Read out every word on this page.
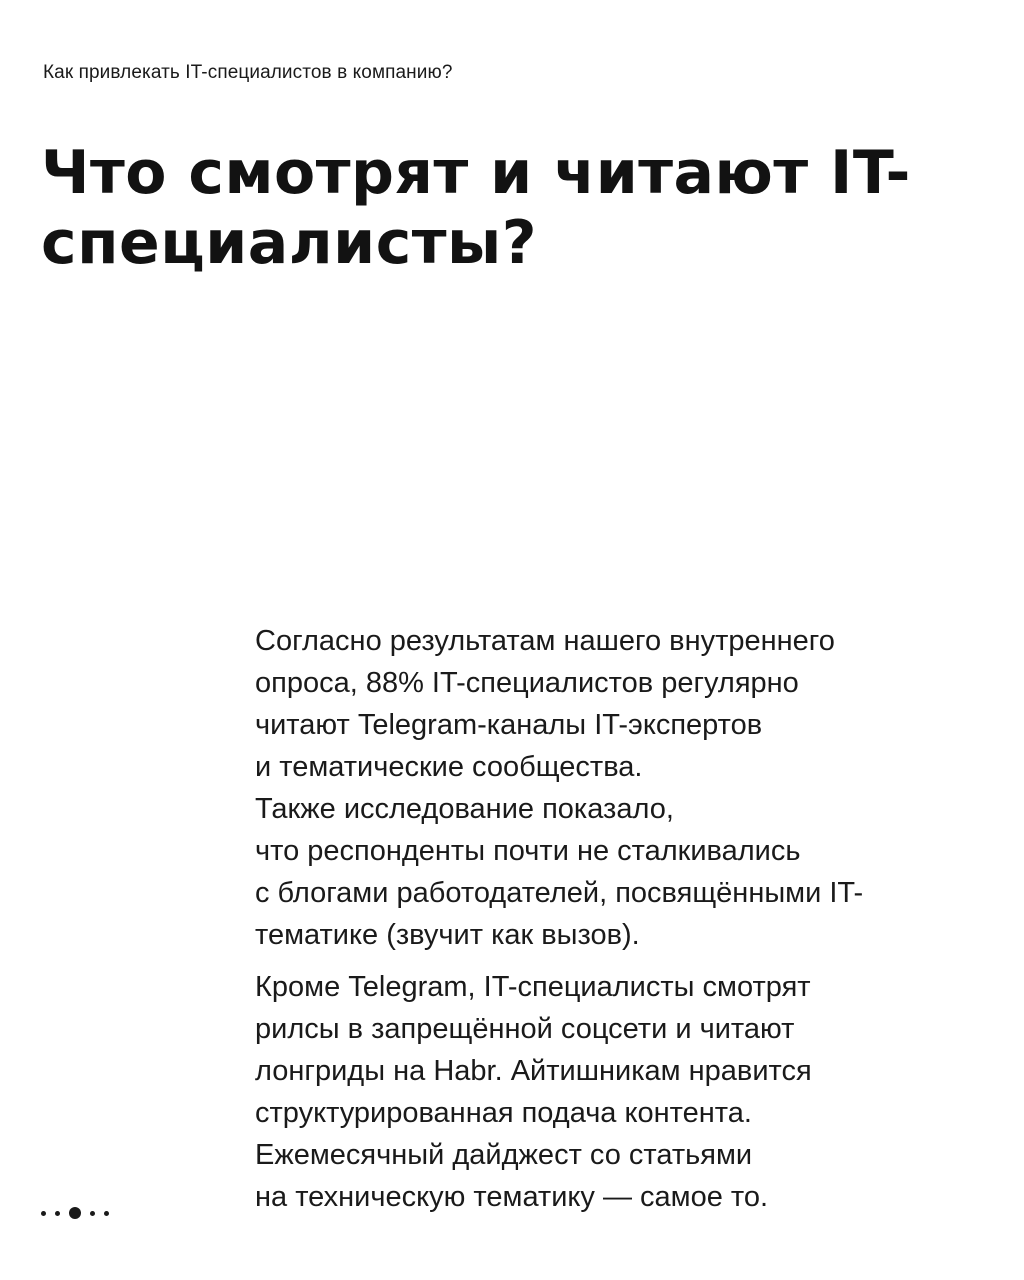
Как привлекать IT-специалистов в компанию?
Что смотрят и читают IT-
специалисты?

Согласно результатам нашего внутреннего
опроса, 88% IT-специалистов регулярно
читают Telegram-каналы IT-экспертов
и тематические сообщества.
Также исследование показало,
что респонденты почти не сталкивались
с блогами работодателей, посвящёнными IT-
тематике (звучит как вызов).

Кроме Telegram, IT-специалисты смотрят
рилсы в запрещённой соцсети и читают
лонгриды на Habr. Айтишникам нравится
структурированная подача контента.
Ежемесячный дайджест со статьями
на техническую тематику — самое то.
